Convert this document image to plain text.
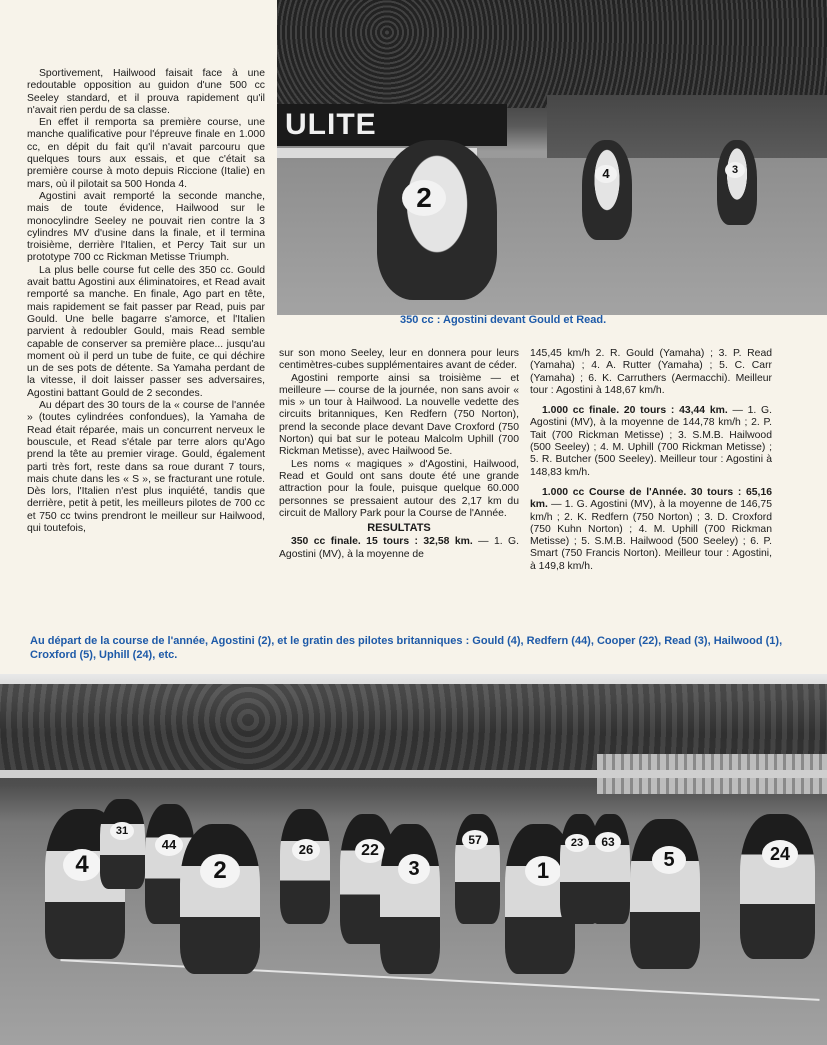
ULITE
2
4	3
350 cc : Agostini devant Gould et Read.

Sportivement, Hailwood faisait face à une redoutable opposition au guidon d'une 500 cc Seeley standard, et il prouva rapidement qu'il n'avait rien perdu de sa classe.

En effet il remporta sa première course, une manche qualificative pour l'épreuve finale en 1.000 cc, en dépit du fait qu'il n'avait parcouru que quelques tours aux essais, et que c'était sa première course à moto depuis Riccione (Italie) en mars, où il pilotait sa 500 Honda 4.

Agostini avait remporté la seconde manche, mais de toute évidence, Hailwood sur le monocylindre Seeley ne pouvait rien contre la 3 cylindres MV d'usine dans la finale, et il termina troisième, derrière l'Italien, et Percy Tait sur un prototype 700 cc Rickman Metisse Triumph.

La plus belle course fut celle des 350 cc. Gould avait battu Agostini aux éliminatoires, et Read avait remporté sa manche. En finale, Ago part en tête, mais rapidement se fait passer par Read, puis par Gould. Une belle bagarre s'amorce, et l'Italien parvient à redoubler Gould, mais Read semble capable de conserver sa première place... jusqu'au moment où il perd un tube de fuite, ce qui déchire un de ses pots de détente. Sa Yamaha perdant de la vitesse, il doit laisser passer ses adversaires, Agostini battant Gould de 2 secondes.

Au départ des 30 tours de la « course de l'année » (toutes cylindrées confondues), la Yamaha de Read était réparée, mais un concurrent nerveux le bouscule, et Read s'étale par terre alors qu'Ago prend la tête au premier virage. Gould, également parti très fort, reste dans sa roue durant 7 tours, mais chute dans les « S », se fracturant une rotule. Dès lors, l'Italien n'est plus inquiété, tandis que derrière, petit à petit, les meilleurs pilotes de 700 cc et 750 cc twins prendront le meilleur sur Hailwood, qui toutefois,

sur son mono Seeley, leur en donnera pour leurs centimètres-cubes supplémentaires avant de céder.

Agostini remporte ainsi sa troisième — et meilleure — course de la journée, non sans avoir « mis » un tour à Hailwood. La nouvelle vedette des circuits britanniques, Ken Redfern (750 Norton), prend la seconde place devant Dave Croxford (750 Norton) qui bat sur le poteau Malcolm Uphill (700 Rickman Metisse), avec Hailwood 5e.

Les noms « magiques » d'Agostini, Hailwood, Read et Gould ont sans doute été une grande attraction pour la foule, puisque quelque 60.000 personnes se pressaient autour des 2,17 km du circuit de Mallory Park pour la Course de l'Année.

RESULTATS

350 cc finale. 15 tours : 32,58 km. — 1. G. Agostini (MV), à la moyenne de

145,45 km/h 2. R. Gould (Yamaha) ; 3. P. Read (Yamaha) ; 4. A. Rutter (Yamaha) ; 5. C. Carr (Yamaha) ; 6. K. Carruthers (Aermacchi). Meilleur tour : Agostini à 148,67 km/h.

1.000 cc finale. 20 tours : 43,44 km. — 1. G. Agostini (MV), à la moyenne de 144,78 km/h ; 2. P. Tait (700 Rickman Metisse) ; 3. S.M.B. Hailwood (500 Seeley) ; 4. M. Uphill (700 Rickman Metisse) ; 5. R. Butcher (500 Seeley). Meilleur tour : Agostini à 148,83 km/h.

1.000 cc Course de l'Année. 30 tours : 65,16 km. — 1. G. Agostini (MV), à la moyenne de 146,75 km/h ; 2. K. Redfern (750 Norton) ; 3. D. Croxford (750 Kuhn Norton) ; 4. M. Uphill (700 Rickman Metisse) ; 5. S.M.B. Hailwood (500 Seeley) ; 6. P. Smart (750 Francis Norton). Meilleur tour : Agostini, à 149,8 km/h.

Au départ de la course de l'année, Agostini (2), et le gratin des pilotes britanniques : Gould (4), Redfern (44), Cooper (22), Read (3), Hailwood (1), Croxford (5), Uphill (24), etc.
4
31
44
2
26	22
3
57
1
23	63
5	24
